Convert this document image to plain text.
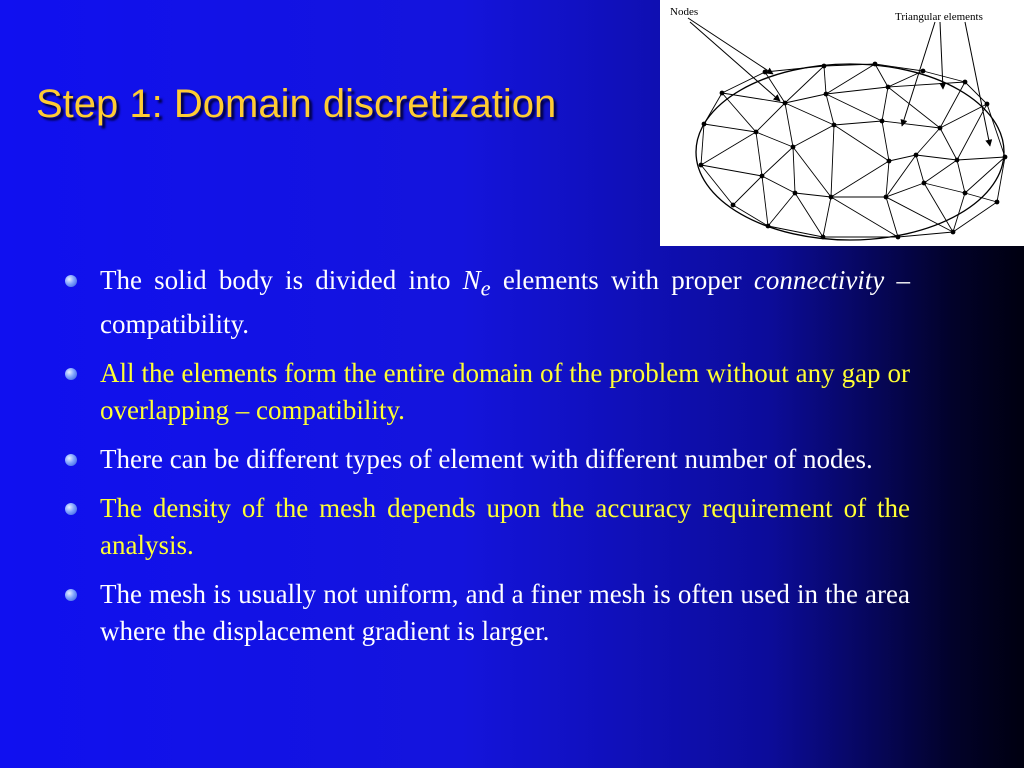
Step 1: Domain discretization
Nodes	Triangular elements
The solid body is divided into $N_e$ elements with proper connectivity – compatibility.
All the elements form the entire domain of the problem without any gap or overlapping – compatibility.
There can be different types of element with different number of nodes.
The density of the mesh depends upon the accuracy requirement of the analysis.
The mesh is usually not uniform, and a finer mesh is often used in the area where the displacement gradient is larger.
